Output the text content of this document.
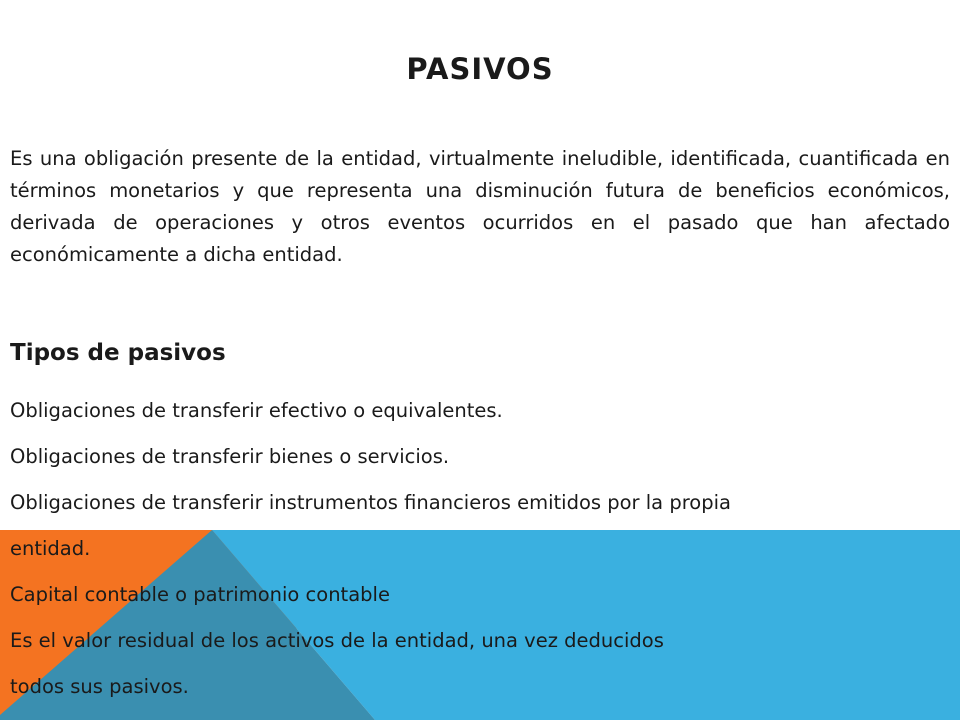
PASIVOS

Es una obligación presente de la entidad, virtualmente ineludible, identificada, cuantificada en términos monetarios y que representa una disminución futura de beneficios económicos, derivada de operaciones y otros eventos ocurridos en el pasado que han afectado económicamente a dicha entidad.

Tipos de pasivos
Obligaciones de transferir efectivo o equivalentes.
Obligaciones de transferir bienes o servicios.
Obligaciones de transferir instrumentos financieros emitidos por la propia
entidad.
Capital contable o patrimonio contable
Es el valor residual de los activos de la entidad, una vez deducidos
todos sus pasivos.
